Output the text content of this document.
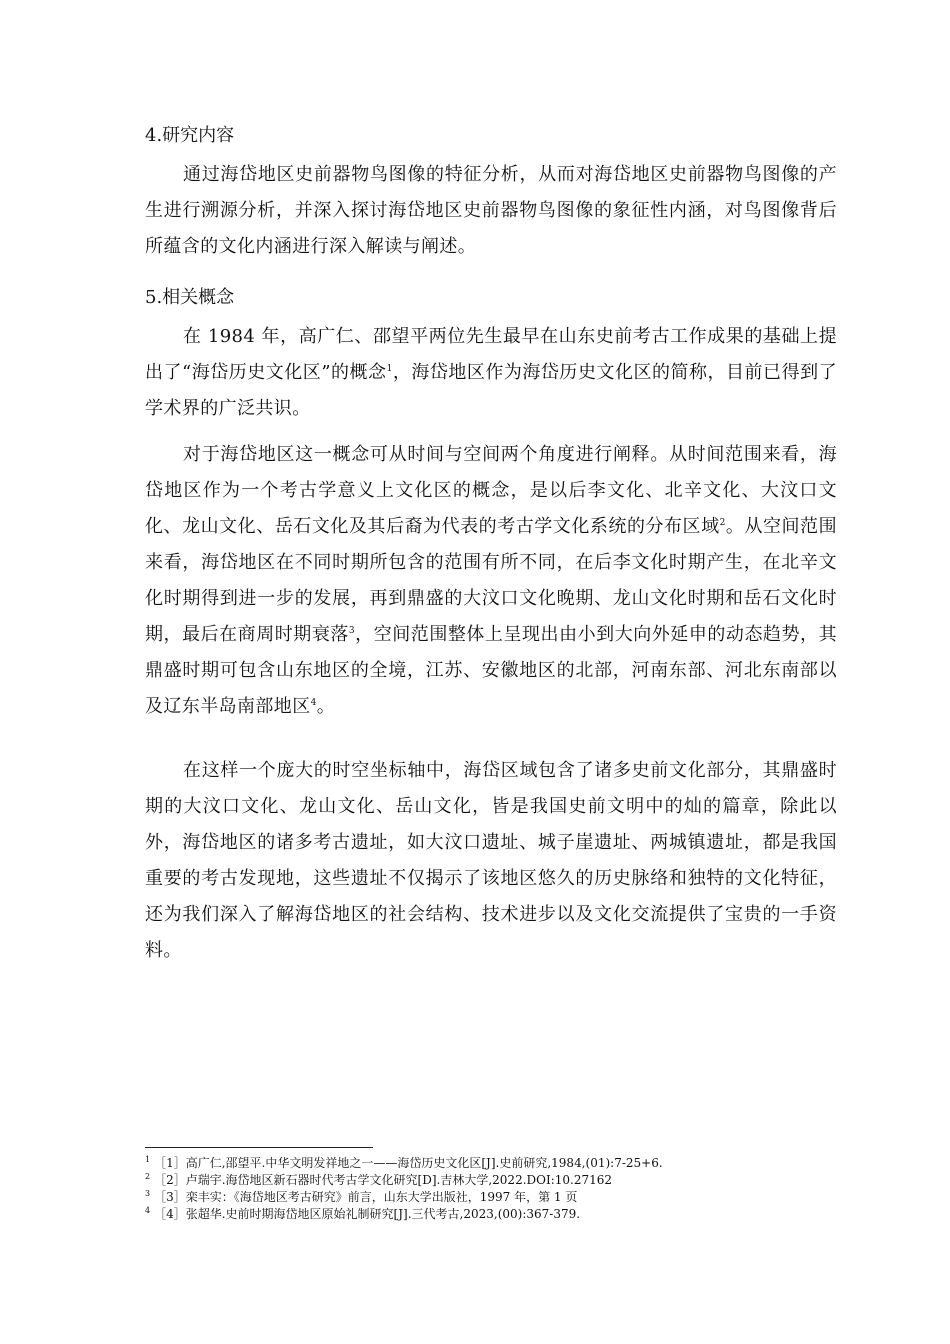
4.研究内容

通过海岱地区史前器物鸟图像的特征分析，从而对海岱地区史前器物鸟图像的产生进行溯源分析，并深入探讨海岱地区史前器物鸟图像的象征性内涵，对鸟图像背后所蕴含的文化内涵进行深入解读与阐述。

5.相关概念

在 1984 年，高广仁、邵望平两位先生最早在山东史前考古工作成果的基础上提出了“海岱历史文化区”的概念$^1$，海岱地区作为海岱历史文化区的简称，目前已得到了学术界的广泛共识。

对于海岱地区这一概念可从时间与空间两个角度进行阐释。从时间范围来看，海岱地区作为一个考古学意义上文化区的概念，是以后李文化、北辛文化、大汶口文化、龙山文化、岳石文化及其后裔为代表的考古学文化系统的分布区域$^2$。从空间范围来看，海岱地区在不同时期所包含的范围有所不同，在后李文化时期产生，在北辛文化时期得到进一步的发展，再到鼎盛的大汶口文化晚期、龙山文化时期和岳石文化时期，最后在商周时期衰落$^3$，空间范围整体上呈现出由小到大向外延申的动态趋势，其鼎盛时期可包含山东地区的全境，江苏、安徽地区的北部，河南东部、河北东南部以及辽东半岛南部地区$^4$。

在这样一个庞大的时空坐标轴中，海岱区域包含了诸多史前文化部分，其鼎盛时期的大汶口文化、龙山文化、岳山文化，皆是我国史前文明中的灿的篇章，除此以外，海岱地区的诸多考古遗址，如大汶口遗址、城子崖遗址、两城镇遗址，都是我国重要的考古发现地，这些遗址不仅揭示了该地区悠久的历史脉络和独特的文化特征，还为我们深入了解海岱地区的社会结构、技术进步以及文化交流提供了宝贵的一手资料。

$^1$ ［1］高广仁,邵望平.中华文明发祥地之一——海岱历史文化区[J].史前研究,1984,(01):7-25+6.
$^2$ ［2］卢瑞宇.海岱地区新石器时代考古学文化研究[D].吉林大学,2022.DOI:10.27162
$^3$ ［3］栾丰实：《海岱地区考古研究》前言，山东大学出版社，1997 年，第 1 页
$^4$ ［4］张超华.史前时期海岱地区原始礼制研究[J].三代考古,2023,(00):367-379.
